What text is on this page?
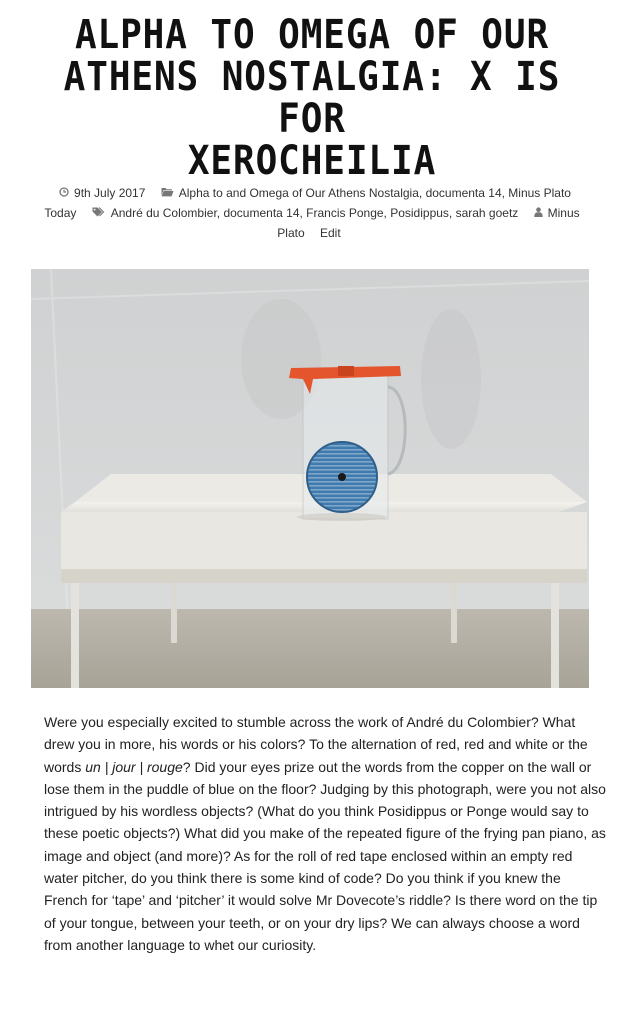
ALPHA TO OMEGA OF OUR
ATHENS NOSTALGIA: X IS FOR
XEROCHEILIA
9th July 2017	Alpha to and Omega of Our Athens Nostalgia, documenta 14, Minus Plato Today	André du Colombier, documenta 14, Francis Ponge, Posidippus, sarah goetz Minus Plato Edit

Were you especially excited to stumble across the work of André du Colombier? What drew you in more, his words or his colors? To the alternation of red, red and white or the words un | jour | rouge? Did your eyes prize out the words from the copper on the wall or lose them in the puddle of blue on the floor? Judging by this photograph, were you not also intrigued by his wordless objects? (What do you think Posidippus or Ponge would say to these poetic objects?) What did you make of the repeated figure of the frying pan piano, as image and object (and more)? As for the roll of red tape enclosed within an empty red water pitcher, do you think there is some kind of code? Do you think if you knew the French for ‘tape’ and ‘pitcher’ it would solve Mr Dovecote’s riddle? Is there word on the tip of your tongue, between your teeth, or on your dry lips? We can always choose a word from another language to whet our curiosity.
